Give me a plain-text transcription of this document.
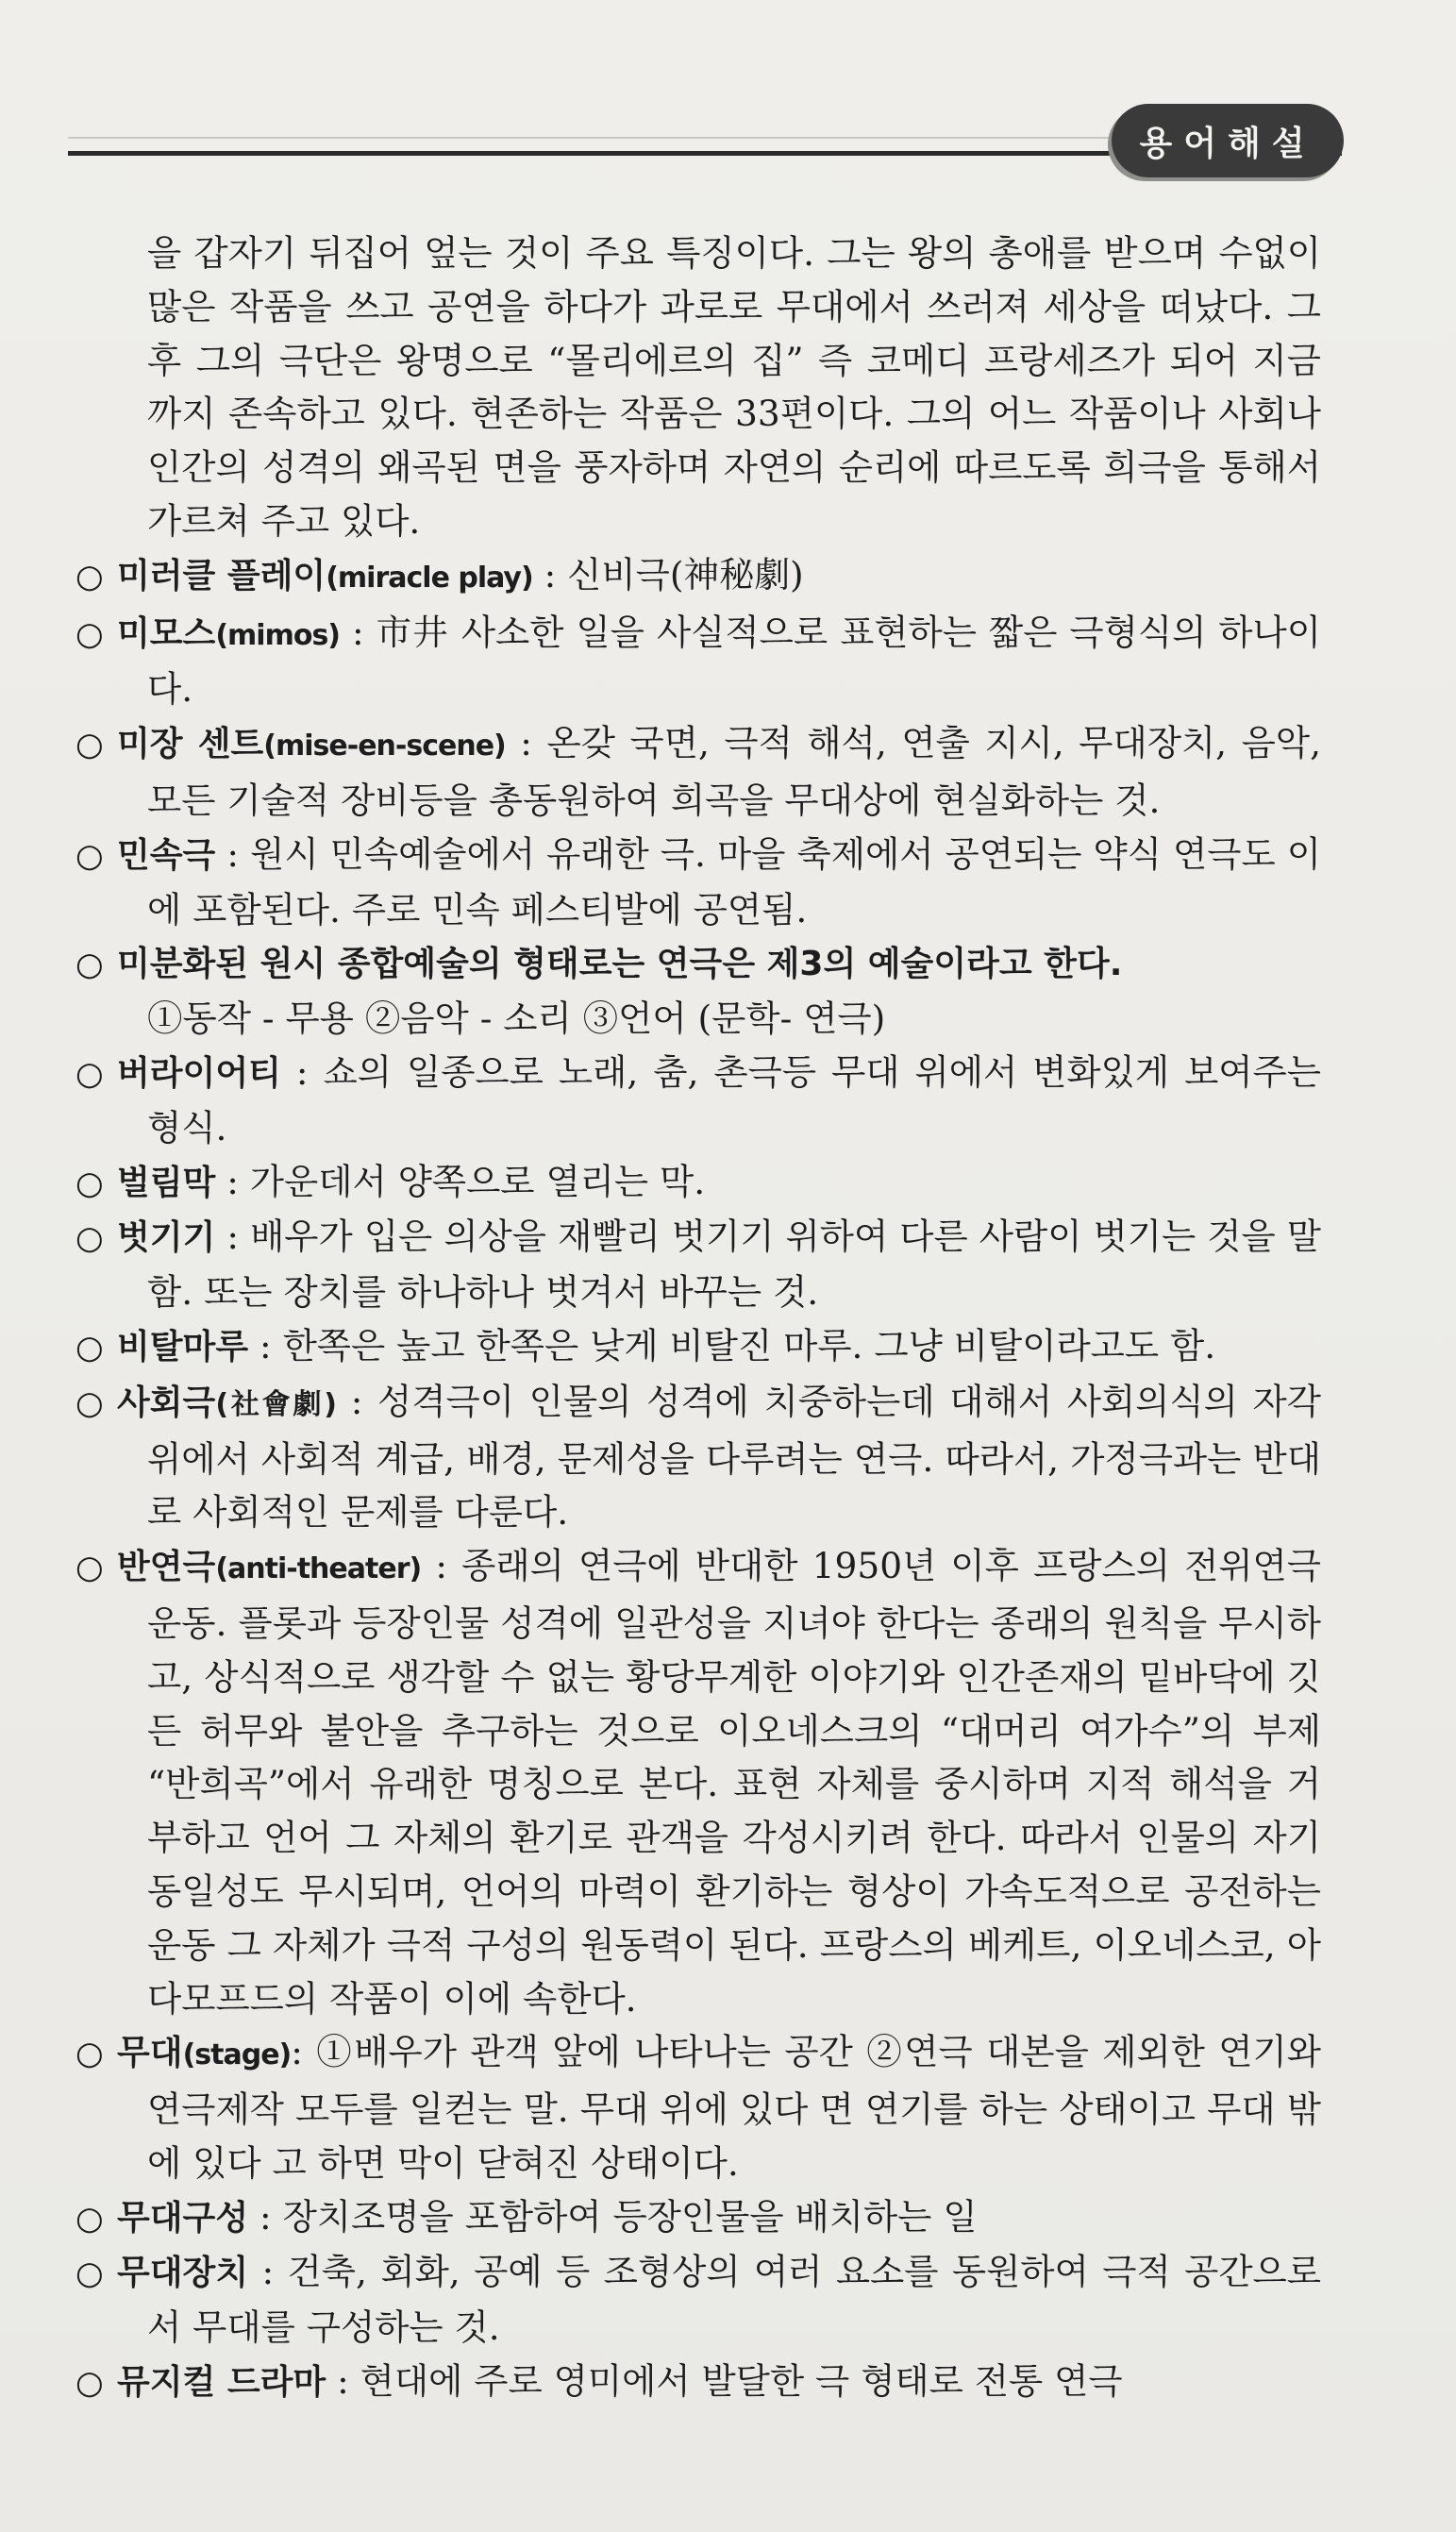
용어해설

을 갑자기 뒤집어 엎는 것이 주요 특징이다. 그는 왕의 총애를 받으며 수없이 많은 작품을 쓰고 공연을 하다가 과로로 무대에서 쓰러져 세상을 떠났다. 그후 그의 극단은 왕명으로 “몰리에르의 집” 즉 코메디 프랑세즈가 되어 지금까지 존속하고 있다. 현존하는 작품은 33편이다. 그의 어느 작품이나 사회나 인간의 성격의 왜곡된 면을 풍자하며 자연의 순리에 따르도록 희극을 통해서 가르쳐 주고 있다.

○ 미러클 플레이(miracle play) : 신비극(神秘劇)

○ 미모스(mimos) : 市井 사소한 일을 사실적으로 표현하는 짧은 극형식의 하나이다.

○ 미장 센트(mise-en-scene) : 온갖 국면, 극적 해석, 연출 지시, 무대장치, 음악, 모든 기술적 장비등을 총동원하여 희곡을 무대상에 현실화하는 것.

○ 민속극 : 원시 민속예술에서 유래한 극. 마을 축제에서 공연되는 약식 연극도 이에 포함된다. 주로 민속 페스티발에 공연됨.

○ 미분화된 원시 종합예술의 형태로는 연극은 제3의 예술이라고 한다.

①동작 - 무용 ②음악 - 소리 ③언어 (문학- 연극)

○ 버라이어티 : 쇼의 일종으로 노래, 춤, 촌극등 무대 위에서 변화있게 보여주는 형식.

○ 벌림막 : 가운데서 양쪽으로 열리는 막.

○ 벗기기 : 배우가 입은 의상을 재빨리 벗기기 위하여 다른 사람이 벗기는 것을 말함. 또는 장치를 하나하나 벗겨서 바꾸는 것.

○ 비탈마루 : 한쪽은 높고 한쪽은 낮게 비탈진 마루. 그냥 비탈이라고도 함.

○ 사회극(社會劇) : 성격극이 인물의 성격에 치중하는데 대해서 사회의식의 자각 위에서 사회적 계급, 배경, 문제성을 다루려는 연극. 따라서, 가정극과는 반대로 사회적인 문제를 다룬다.

○ 반연극(anti-theater) : 종래의 연극에 반대한 1950년 이후 프랑스의 전위연극운동. 플롯과 등장인물 성격에 일관성을 지녀야 한다는 종래의 원칙을 무시하고, 상식적으로 생각할 수 없는 황당무계한 이야기와 인간존재의 밑바닥에 깃든 허무와 불안을 추구하는 것으로 이오네스크의 “대머리 여가수”의 부제 “반희곡”에서 유래한 명칭으로 본다. 표현 자체를 중시하며 지적 해석을 거부하고 언어 그 자체의 환기로 관객을 각성시키려 한다. 따라서 인물의 자기동일성도 무시되며, 언어의 마력이 환기하는 형상이 가속도적으로 공전하는 운동 그 자체가 극적 구성의 원동력이 된다. 프랑스의 베케트, 이오네스코, 아다모프드의 작품이 이에 속한다.

○ 무대(stage): ①배우가 관객 앞에 나타나는 공간 ②연극 대본을 제외한 연기와 연극제작 모두를 일컫는 말. 무대 위에 있다 면 연기를 하는 상태이고 무대 밖에 있다 고 하면 막이 닫혀진 상태이다.

○ 무대구성 : 장치조명을 포함하여 등장인물을 배치하는 일

○ 무대장치 : 건축, 회화, 공예 등 조형상의 여러 요소를 동원하여 극적 공간으로서 무대를 구성하는 것.

○ 뮤지컬 드라마 : 현대에 주로 영미에서 발달한 극 형태로 전통 연극
